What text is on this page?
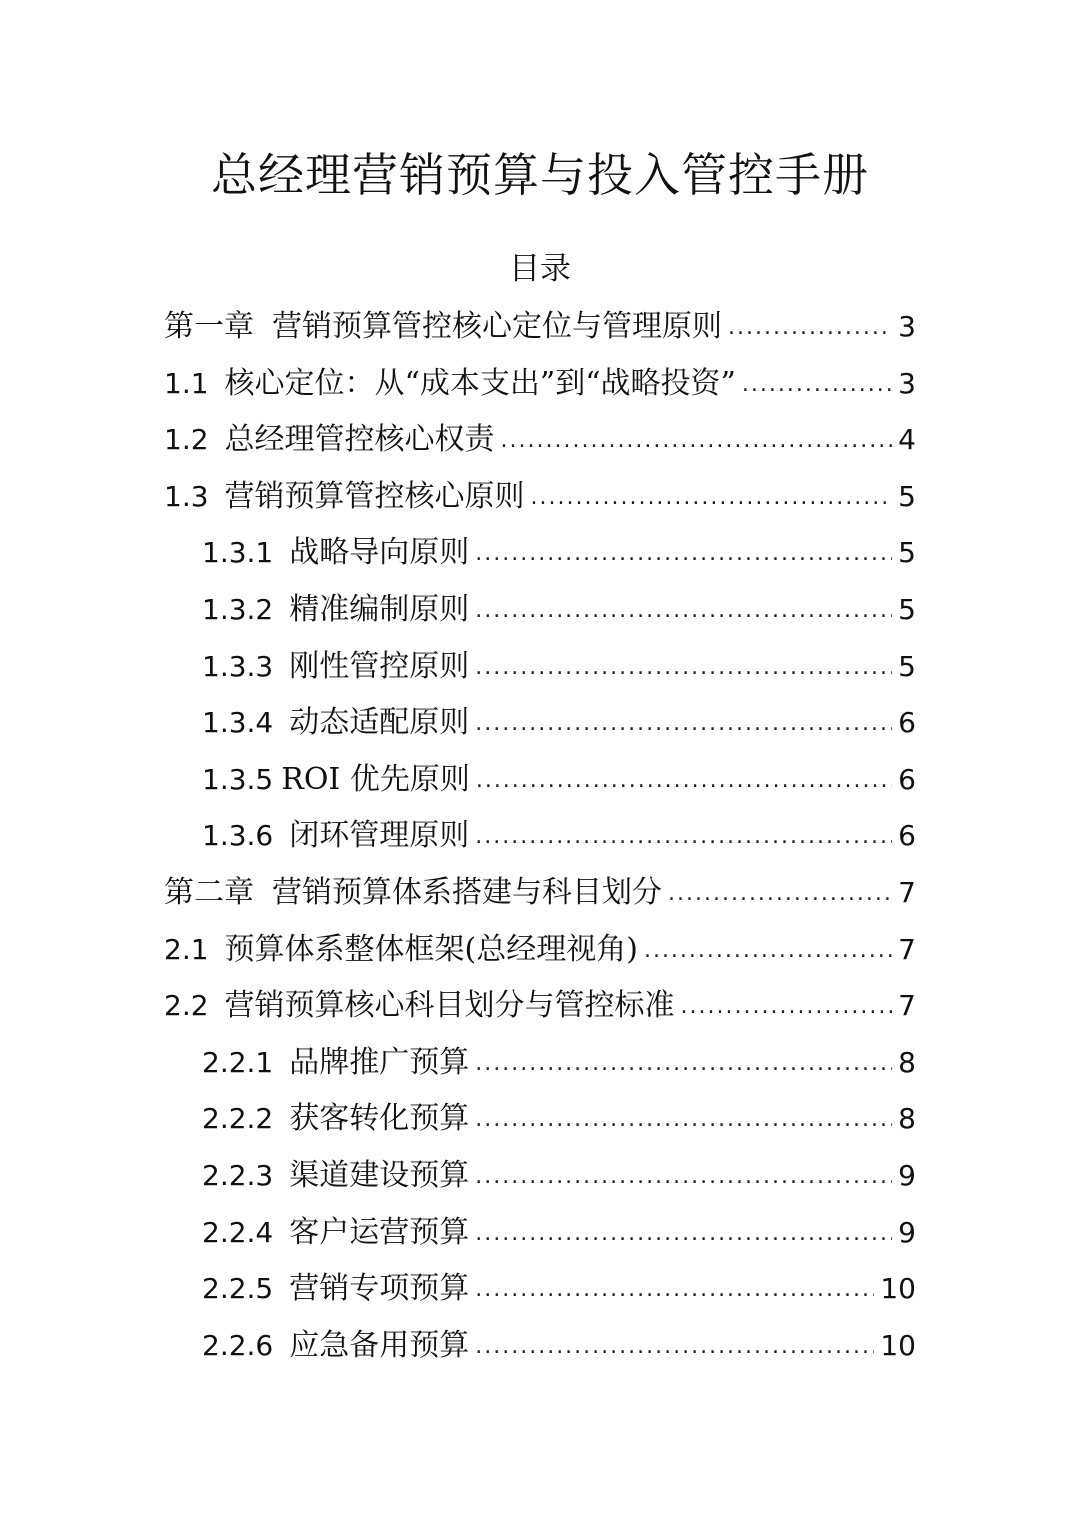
总经理营销预算与投入管控手册
目录
第一章 营销预算管控核心定位与管理原则 .....	3
1.1 核心定位：从“成本支出”到“战略投资” .....	3
1.2 总经理管控核心权责 .....	4
1.3 营销预算管控核心原则 .....	5
1.3.1 战略导向原则 .....	5
1.3.2 精准编制原则 .....	5
1.3.3 刚性管控原则 .....	5
1.3.4 动态适配原则 .....	6
1.3.5 ROI 优先原则 .....	6
1.3.6 闭环管理原则 .....	6
第二章 营销预算体系搭建与科目划分 .....	7
2.1 预算体系整体框架(总经理视角) .....	7
2.2 营销预算核心科目划分与管控标准 .....	7
2.2.1 品牌推广预算 .....	8
2.2.2 获客转化预算 .....	8
2.2.3 渠道建设预算 .....	9
2.2.4 客户运营预算 .....	9
2.2.5 营销专项预算 .....	10
2.2.6 应急备用预算 .....	10
